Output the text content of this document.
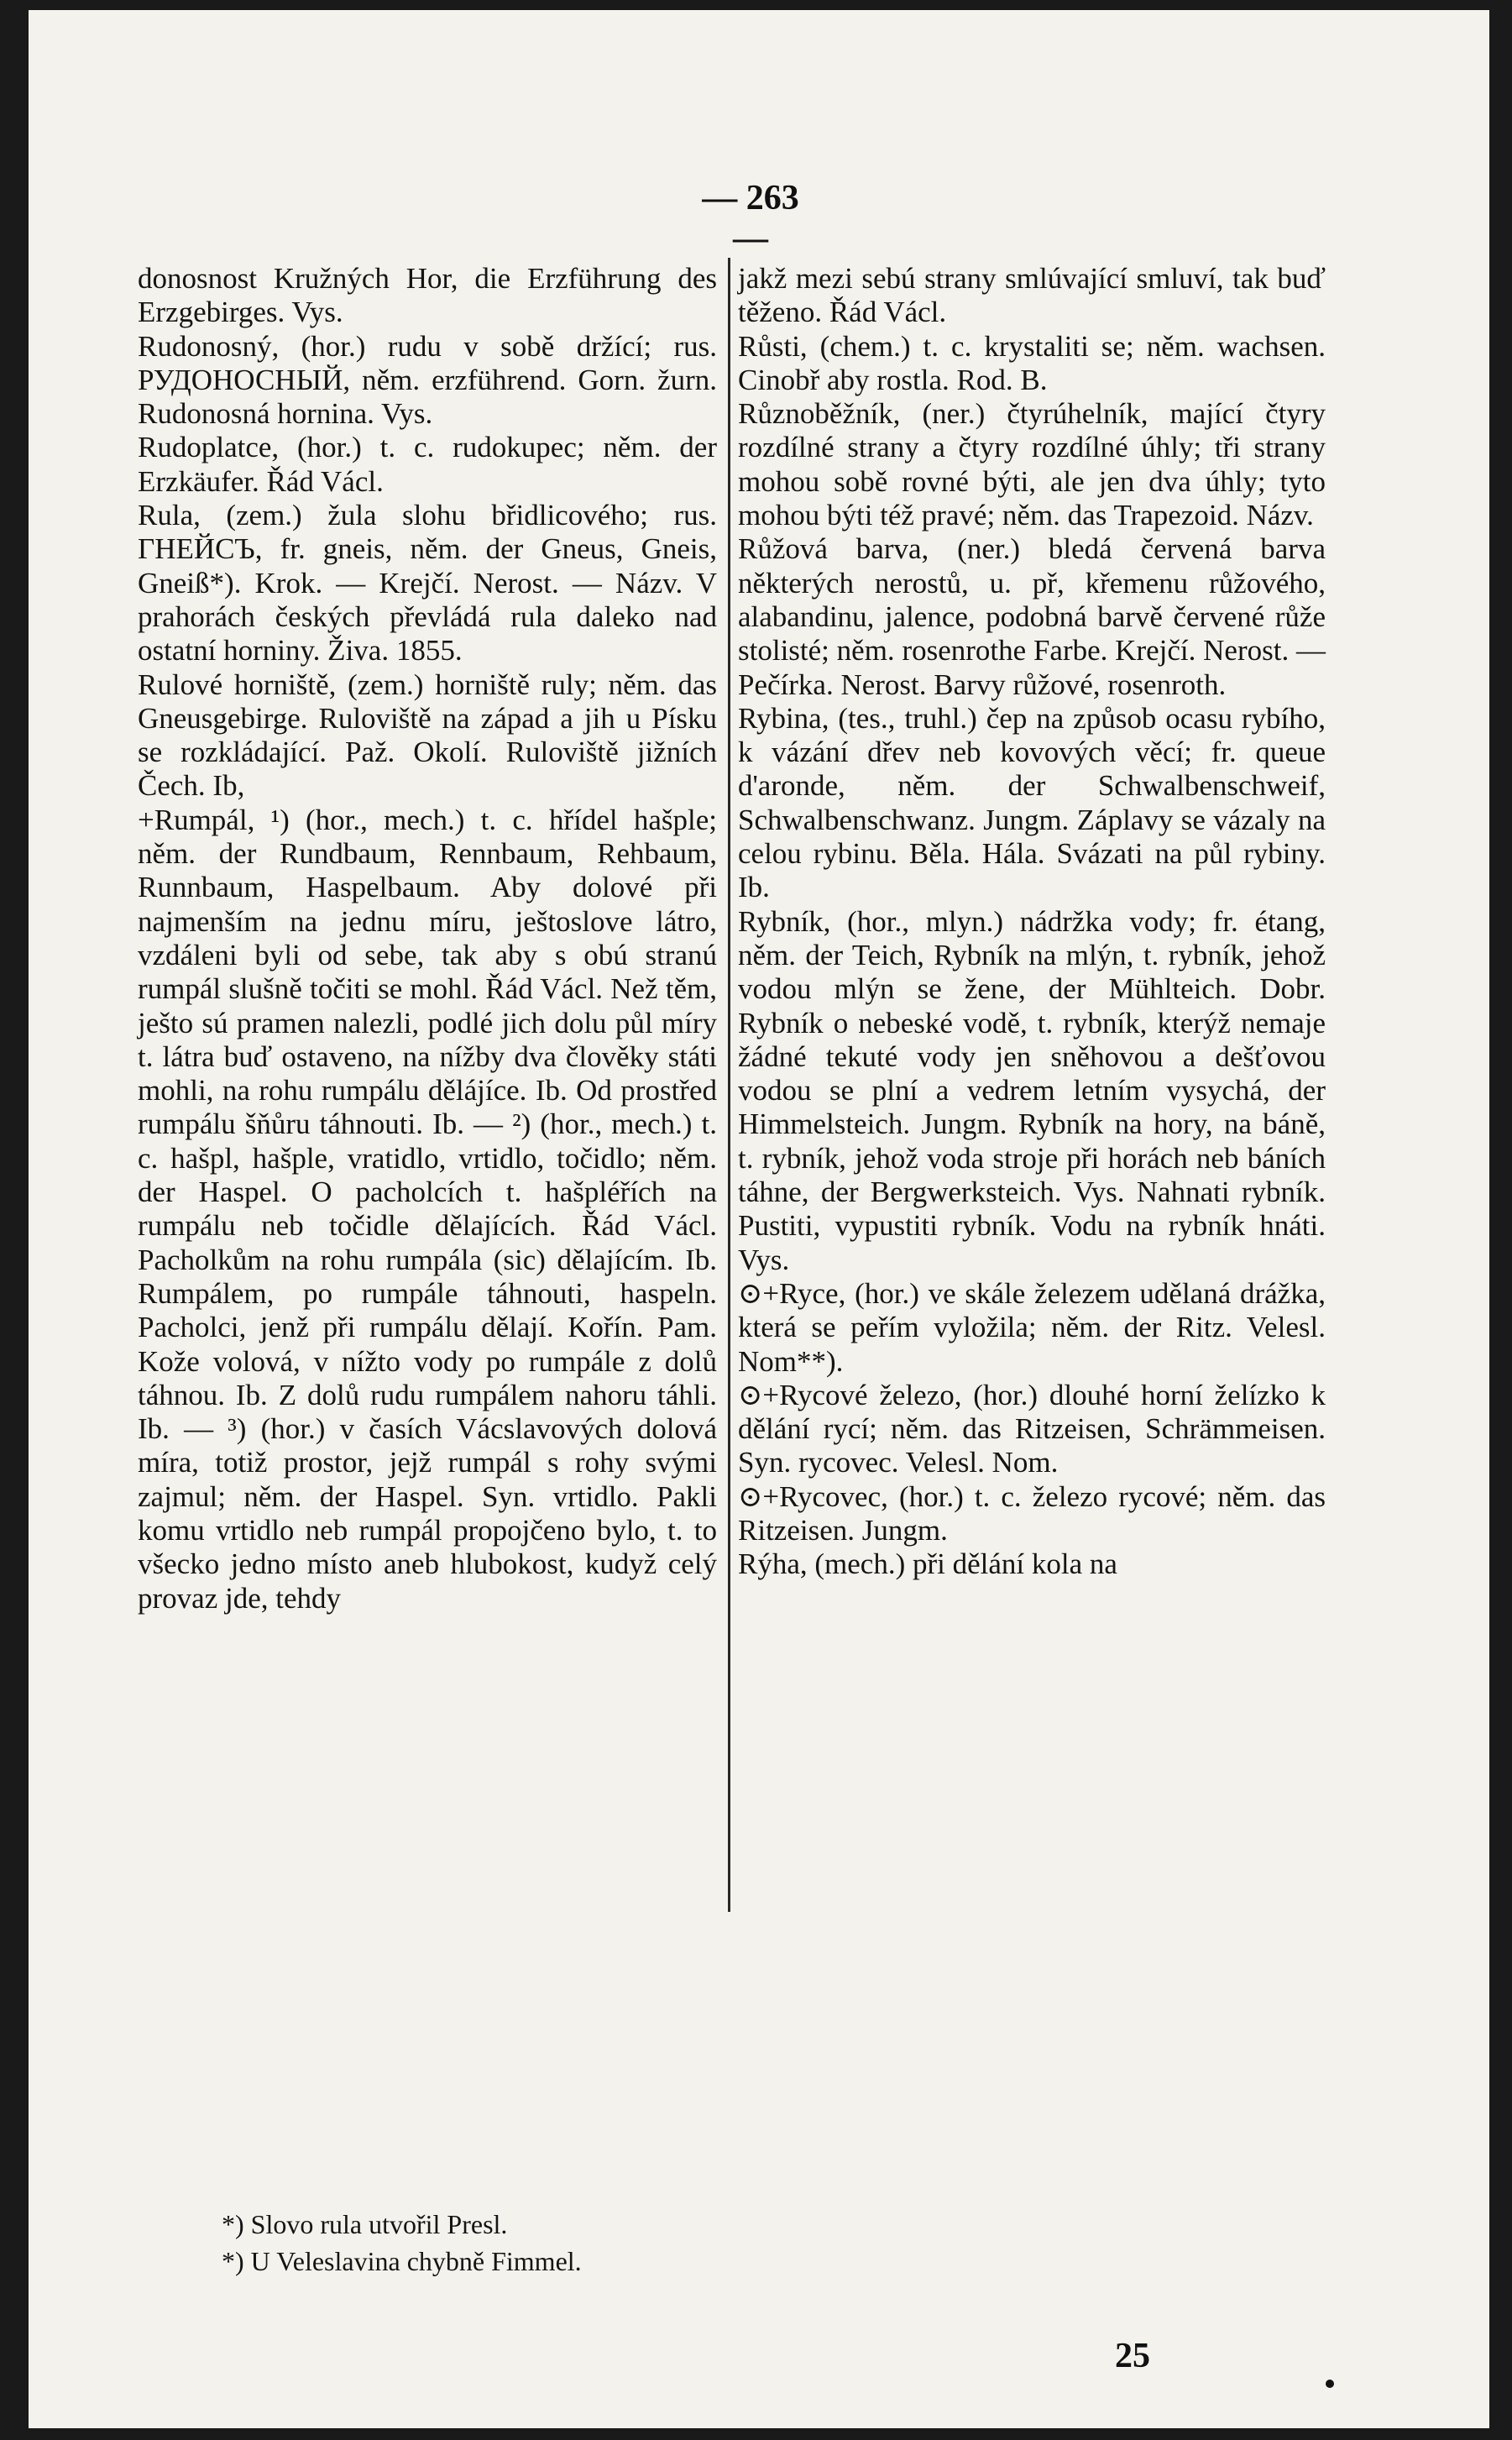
— 263 —

donosnost Kružných Hor, die Erzführung des Erzgebirges. Vys.

Rudonosný, (hor.) rudu v sobě držící; rus. РУДОНОСНЫЙ, něm. erzführend. Gorn. žurn. Rudonosná hornina. Vys.

Rudoplatce, (hor.) t. c. rudokupec; něm. der Erzkäufer. Řád Václ.

Rula, (zem.) žula slohu břidlicového; rus. ГНЕЙСЪ, fr. gneis, něm. der Gneus, Gneis, Gneiß*). Krok. — Krejčí. Nerost. — Názv. V prahorách českých převládá rula daleko nad ostatní horniny. Živa. 1855.

Rulové horniště, (zem.) horniště ruly; něm. das Gneusgebirge. Ruloviště na západ a jih u Písku se rozkládající. Paž. Okolí. Ruloviště jižních Čech. Ib,

+Rumpál, ¹) (hor., mech.) t. c. hřídel hašple; něm. der Rundbaum, Rennbaum, Rehbaum, Runnbaum, Haspelbaum. Aby dolové při najmenším na jednu míru, ještoslove látro, vzdáleni byli od sebe, tak aby s obú stranú rumpál slušně točiti se mohl. Řád Václ. Než těm, ješto sú pramen nalezli, podlé jich dolu půl míry t. látra buď ostaveno, na nížby dva člověky státi mohli, na rohu rumpálu dělájíce. Ib. Od prostřed rumpálu šňůru táhnouti. Ib. — ²) (hor., mech.) t. c. hašpl, hašple, vratidlo, vrtidlo, točidlo; něm. der Haspel. O pacholcích t. hašpléřích na rumpálu neb točidle dělajících. Řád Václ. Pacholkům na rohu rumpála (sic) dělajícím. Ib. Rumpálem, po rumpále táhnouti, haspeln. Pacholci, jenž při rumpálu dělají. Kořín. Pam. Kože volová, v nížto vody po rumpále z dolů táhnou. Ib. Z dolů rudu rumpálem nahoru táhli. Ib. — ³) (hor.) v časích Vácslavových dolová míra, totiž prostor, jejž rumpál s rohy svými zajmul; něm. der Haspel. Syn. vrtidlo. Pakli komu vrtidlo neb rumpál propojčeno bylo, t. to všecko jedno místo aneb hlubokost, kudyž celý provaz jde, tehdy

jakž mezi sebú strany smlúvající smluví, tak buď těženo. Řád Václ.

Růsti, (chem.) t. c. krystaliti se; něm. wachsen. Cinobř aby rostla. Rod. B.

Různoběžník, (ner.) čtyrúhelník, mající čtyry rozdílné strany a čtyry rozdílné úhly; tři strany mohou sobě rovné býti, ale jen dva úhly; tyto mohou býti též pravé; něm. das Trapezoid. Názv.

Růžová barva, (ner.) bledá červená barva některých nerostů, u. př, křemenu růžového, alabandinu, jalence, podobná barvě červené růže stolisté; něm. rosenrothe Farbe. Krejčí. Nerost. — Pečírka. Nerost. Barvy růžové, rosenroth.

Rybina, (tes., truhl.) čep na způsob ocasu rybího, k vázání dřev neb kovových věcí; fr. queue d'aronde, něm. der Schwalbenschweif, Schwalbenschwanz. Jungm. Záplavy se vázaly na celou rybinu. Běla. Hála. Svázati na půl rybiny. Ib.

Rybník, (hor., mlyn.) nádržka vody; fr. étang, něm. der Teich, Rybník na mlýn, t. rybník, jehož vodou mlýn se žene, der Mühlteich. Dobr. Rybník o nebeské vodě, t. rybník, kterýž nemaje žádné tekuté vody jen sněhovou a dešťovou vodou se plní a vedrem letním vysychá, der Himmelsteich. Jungm. Rybník na hory, na báně, t. rybník, jehož voda stroje při horách neb báních táhne, der Bergwerksteich. Vys. Nahnati rybník. Pustiti, vypustiti rybník. Vodu na rybník hnáti. Vys.

⊙+Ryce, (hor.) ve skále železem udělaná drážka, která se peřím vyložila; něm. der Ritz. Velesl. Nom**).

⊙+Rycové železo, (hor.) dlouhé horní želízko k dělání rycí; něm. das Ritzeisen, Schrämmeisen. Syn. rycovec. Velesl. Nom.

⊙+Rycovec, (hor.) t. c. železo rycové; něm. das Ritzeisen. Jungm.

Rýha, (mech.) při dělání kola na

*) Slovo rula utvořil Presl.

*) U Veleslavina chybně Fimmel.

25
